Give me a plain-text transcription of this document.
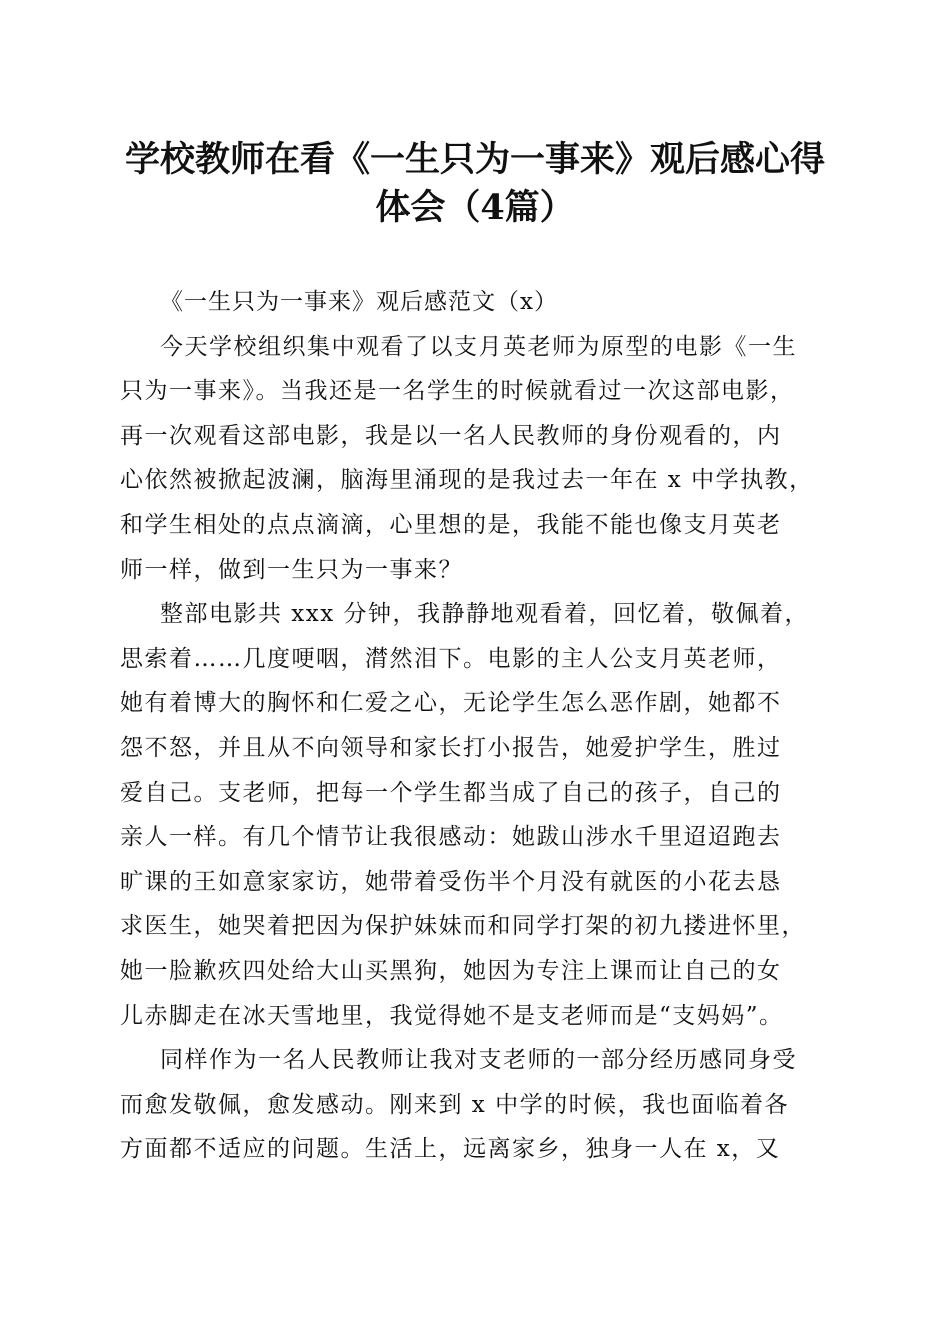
学校教师在看《一生只为一事来》观后感心得
体会（4篇）
《一生只为一事来》观后感范文（x）
今天学校组织集中观看了以支月英老师为原型的电影《一生
只为一事来》。当我还是一名学生的时候就看过一次这部电影，
再一次观看这部电影，我是以一名人民教师的身份观看的，内
心依然被掀起波澜，脑海里涌现的是我过去一年在 x 中学执教，
和学生相处的点点滴滴，心里想的是，我能不能也像支月英老
师一样，做到一生只为一事来？
整部电影共 xxx 分钟，我静静地观看着，回忆着，敬佩着，
思索着……几度哽咽，潸然泪下。电影的主人公支月英老师，
她有着博大的胸怀和仁爱之心，无论学生怎么恶作剧，她都不
怨不怒，并且从不向领导和家长打小报告，她爱护学生，胜过
爱自己。支老师，把每一个学生都当成了自己的孩子，自己的
亲人一样。有几个情节让我很感动：她跋山涉水千里迢迢跑去
旷课的王如意家家访，她带着受伤半个月没有就医的小花去恳
求医生，她哭着把因为保护妹妹而和同学打架的初九搂进怀里，
她一脸歉疚四处给大山买黑狗，她因为专注上课而让自己的女
儿赤脚走在冰天雪地里，我觉得她不是支老师而是“支妈妈”。
同样作为一名人民教师让我对支老师的一部分经历感同身受
而愈发敬佩，愈发感动。刚来到 x 中学的时候，我也面临着各
方面都不适应的问题。生活上，远离家乡，独身一人在 x，又
